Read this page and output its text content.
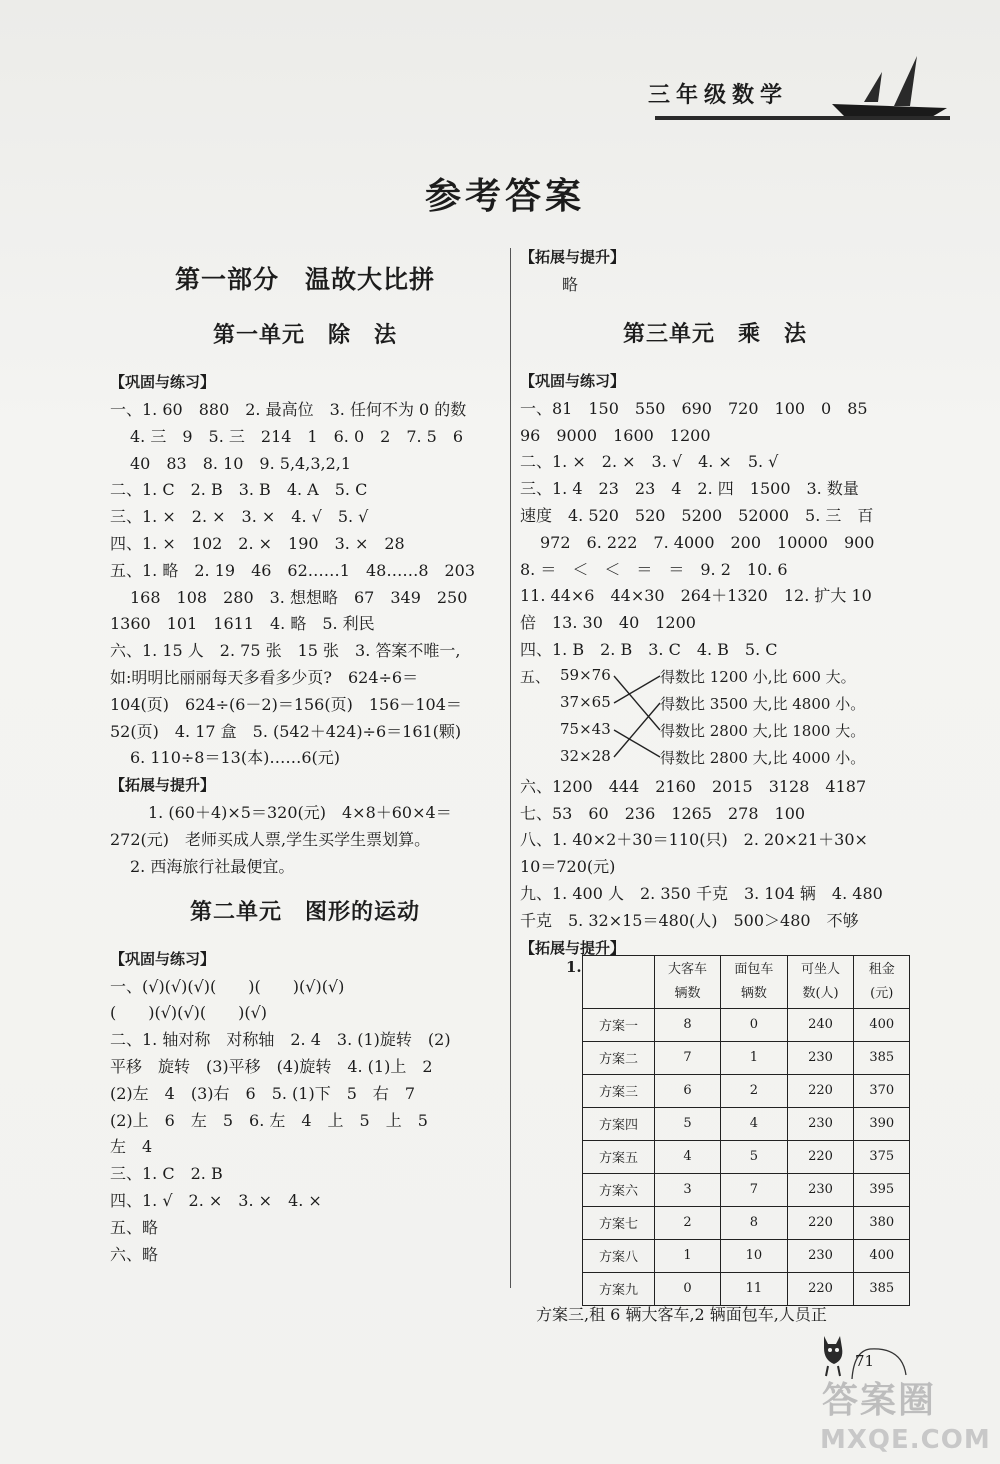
三年级数学
参考答案
第一部分　温故大比拼
第一单元　除　法
【巩固与练习】
一、1. 60　880　2. 最高位　3. 任何不为 0 的数
4. 三　9　5. 三　214　1　6. 0　2　7. 5　6
40　83　8. 10　9. 5,4,3,2,1
二、1. C　2. B　3. B　4. A　5. C
三、1. ×　2. ×　3. ×　4. √　5. √
四、1. ×　102　2. ×　190　3. ×　28
五、1. 略　2. 19　46　62……1　48……8　203
168　108　280　3. 想想略　67　349　250
1360　101　1611　4. 略　5. 利民
六、1. 15 人　2. 75 张　15 张　3. 答案不唯一,
如:明明比丽丽每天多看多少页?　624÷6＝
104(页)　624÷(6－2)＝156(页)　156－104＝
52(页)　4. 17 盒　5. (542＋424)÷6＝161(颗)
6. 110÷8＝13(本)……6(元)
【拓展与提升】
1. (60＋4)×5＝320(元)　4×8＋60×4＝
272(元)　老师买成人票,学生买学生票划算。
2. 西海旅行社最便宜。
第二单元　图形的运动
【巩固与练习】
一、(√)(√)(√)(　　)(　　)(√)(√)
(　　)(√)(√)(　　)(√)
二、1. 轴对称　对称轴　2. 4　3. (1)旋转　(2)
平移　旋转　(3)平移　(4)旋转　4. (1)上　2
(2)左　4　(3)右　6　5. (1)下　5　右　7
(2)上　6　左　5　6. 左　4　上　5　上　5
左　4
三、1. C　2. B
四、1. √　2. ×　3. ×　4. ×
五、略
六、略
【拓展与提升】
略
第三单元　乘　法
【巩固与练习】
一、81　150　550　690　720　100　0　85
96　9000　1600　1200
二、1. ×　2. ×　3. √　4. ×　5. √
三、1. 4　23　23　4　2. 四　1500　3. 数量
速度　4. 520　520　5200　52000　5. 三　百
972　6. 222　7. 4000　200　10000　900
8. ＝　＜　＜　＝　＝　9. 2　10. 6
11. 44×6　44×30　264＋1320　12. 扩大 10
倍　13. 30　40　1200
四、1. B　2. B　3. C　4. B　5. C
五、 59×76
37×65
75×43
32×28
得数比 1200 小,比 600 大。
得数比 3500 大,比 4800 小。
得数比 2800 大,比 1800 大。
得数比 2800 大,比 4000 小。
六、1200　444　2160　2015　3128　4187
七、53　60　236　1265　278　100
八、1. 40×2＋30＝110(只)　2. 20×21＋30×
10＝720(元)
九、1. 400 人　2. 350 千克　3. 104 辆　4. 480
千克　5. 32×15＝480(人)　500＞480　不够
【拓展与提升】
	大客车
辆数	面包车
辆数	可坐人
数(人)	租金
(元)
方案一	8	0	240	400
方案二	7	1	230	385
方案三	6	2	220	370
方案四	5	4	230	390
方案五	4	5	220	375
方案六	3	7	230	395
方案七	2	8	220	380
方案八	1	10	230	400
方案九	0	11	220	385
1.
方案三,租 6 辆大客车,2 辆面包车,人员正
71
答案圈
MXQE.COM
